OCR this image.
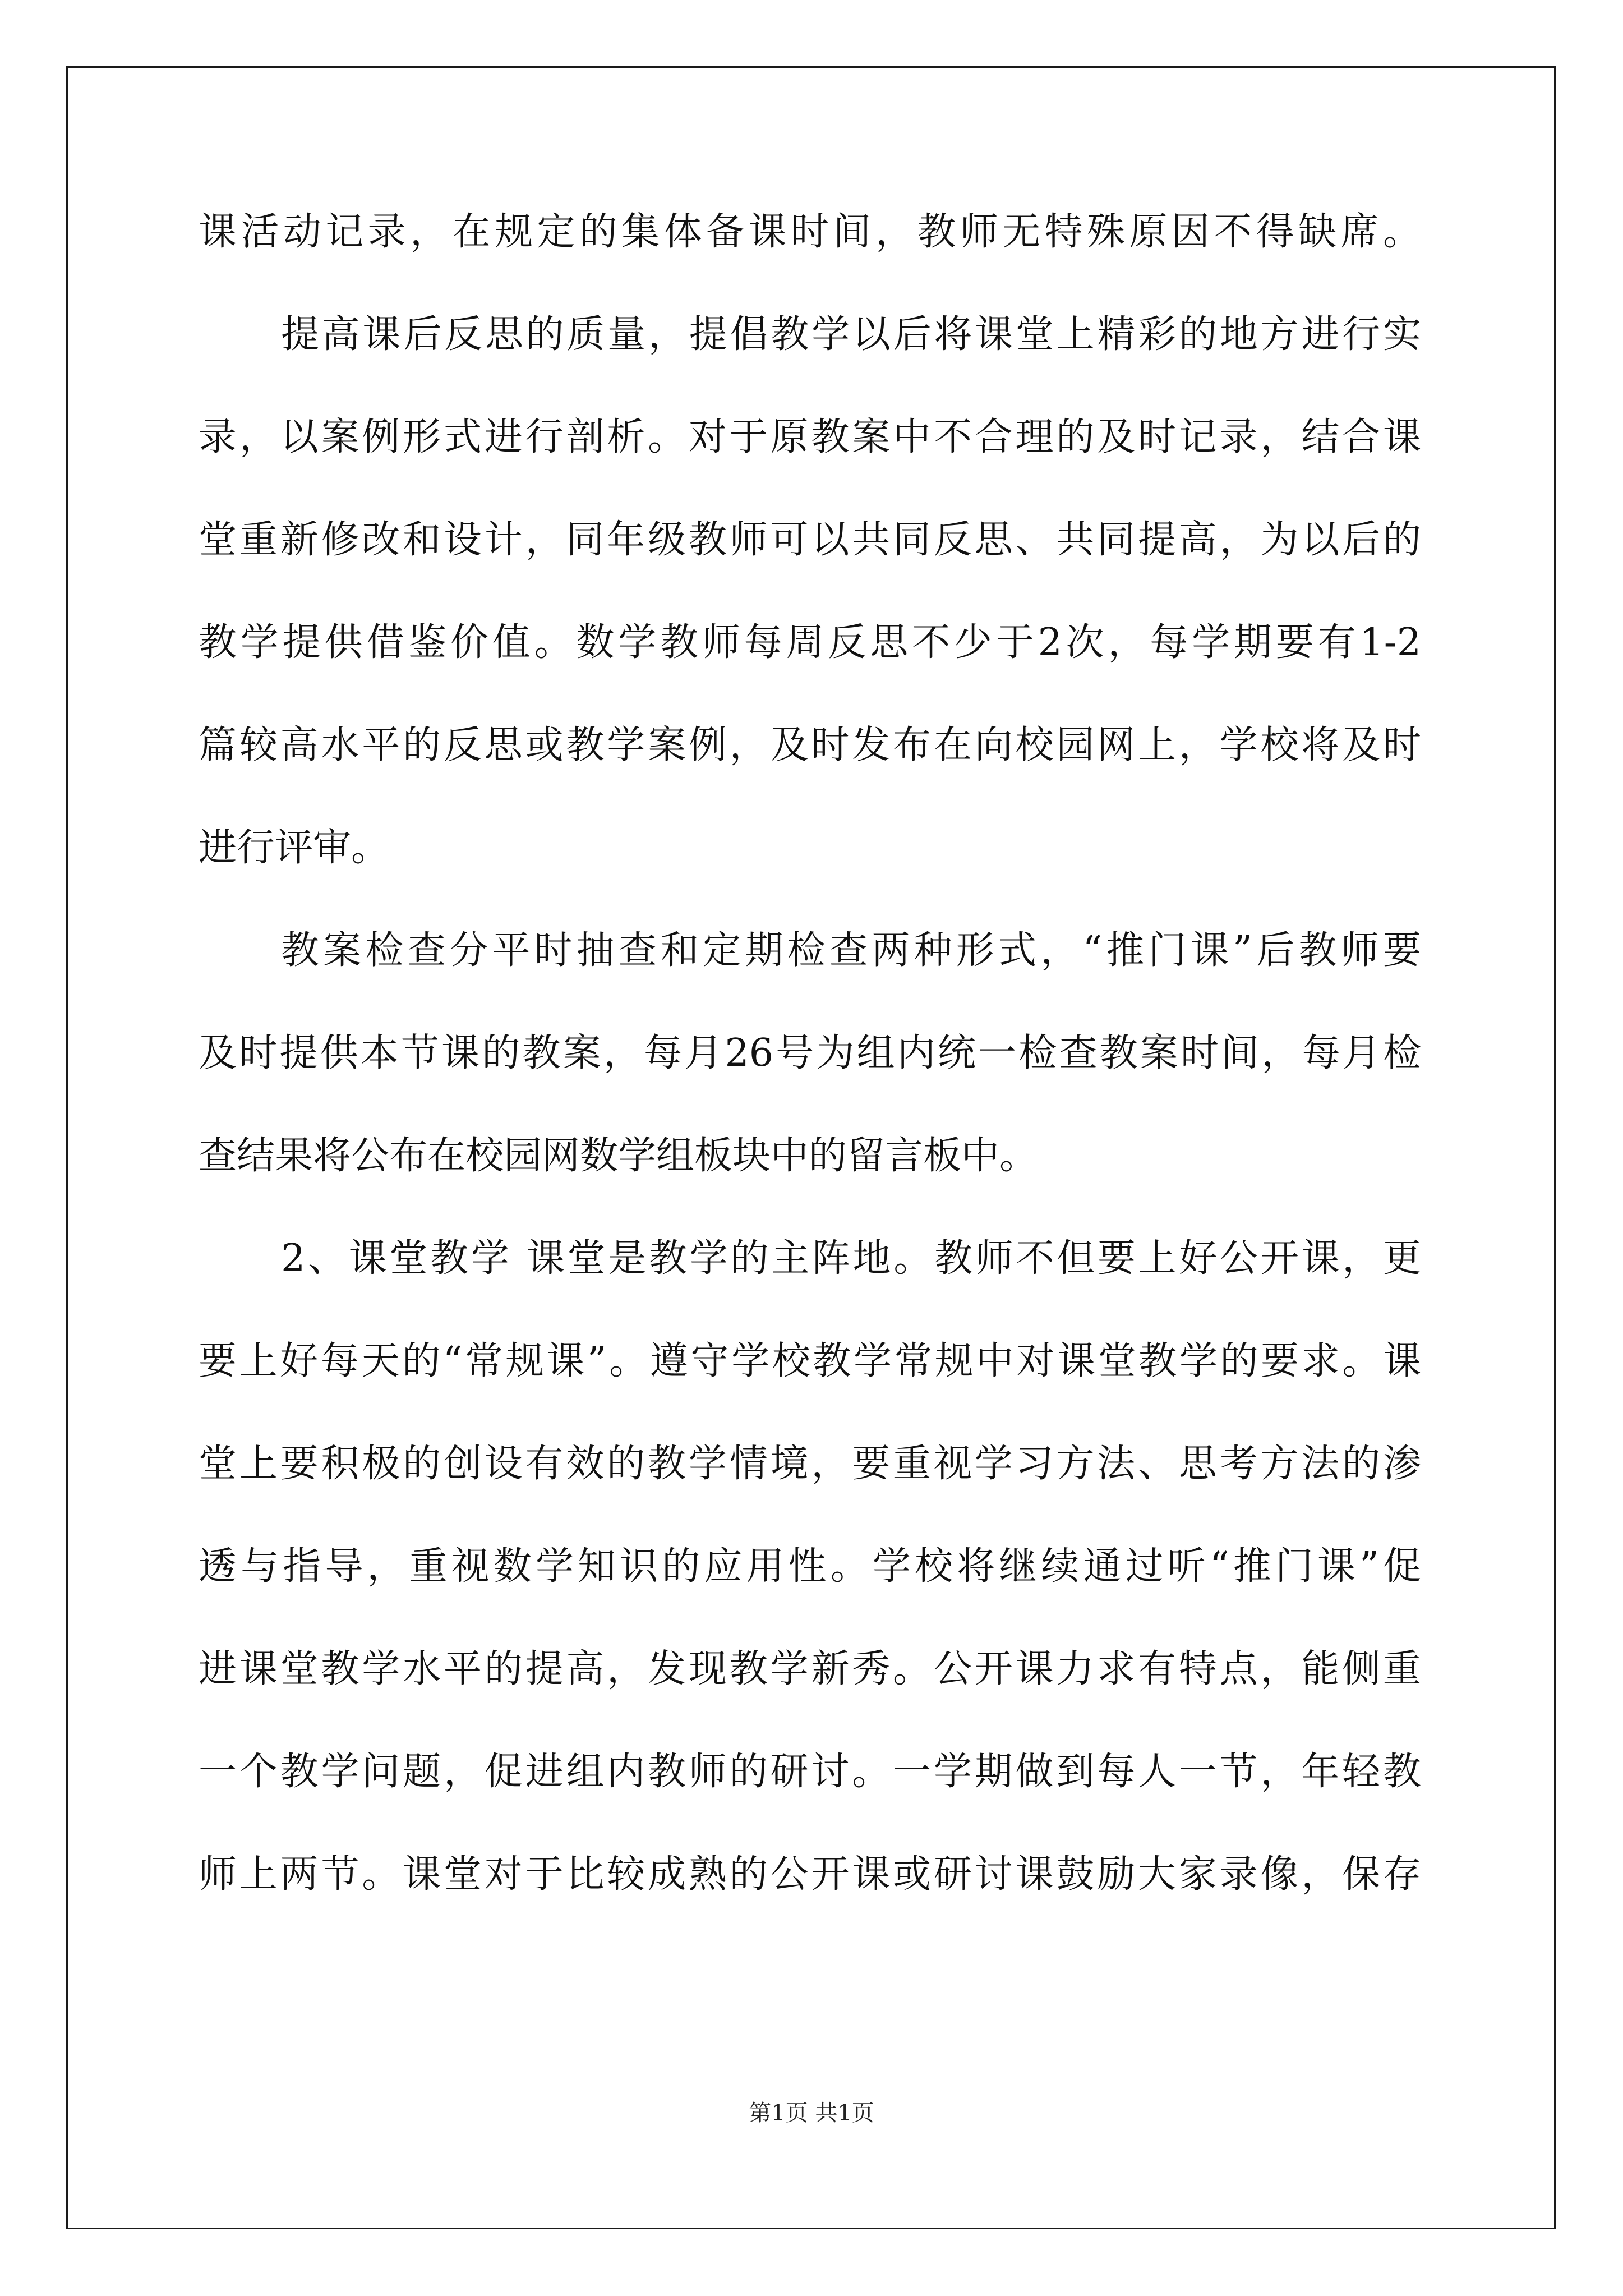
课活动记录，在规定的集体备课时间，教师无特殊原因不得缺席。
提高课后反思的质量，提倡教学以后将课堂上精彩的地方进行实
录，以案例形式进行剖析。对于原教案中不合理的及时记录，结合课
堂重新修改和设计，同年级教师可以共同反思、共同提高，为以后的
教学提供借鉴价值。数学教师每周反思不少于2次，每学期要有1-2
篇较高水平的反思或教学案例，及时发布在向校园网上，学校将及时
进行评审。
教案检查分平时抽查和定期检查两种形式，“推门课”后教师要
及时提供本节课的教案，每月26号为组内统一检查教案时间，每月检
查结果将公布在校园网数学组板块中的留言板中。
2、课堂教学 课堂是教学的主阵地。教师不但要上好公开课，更
要上好每天的“常规课”。遵守学校教学常规中对课堂教学的要求。课
堂上要积极的创设有效的教学情境，要重视学习方法、思考方法的渗
透与指导，重视数学知识的应用性。学校将继续通过听“推门课”促
进课堂教学水平的提高，发现教学新秀。公开课力求有特点，能侧重
一个教学问题，促进组内教师的研讨。一学期做到每人一节，年轻教
师上两节。课堂对于比较成熟的公开课或研讨课鼓励大家录像，保存
第1页 共1页
